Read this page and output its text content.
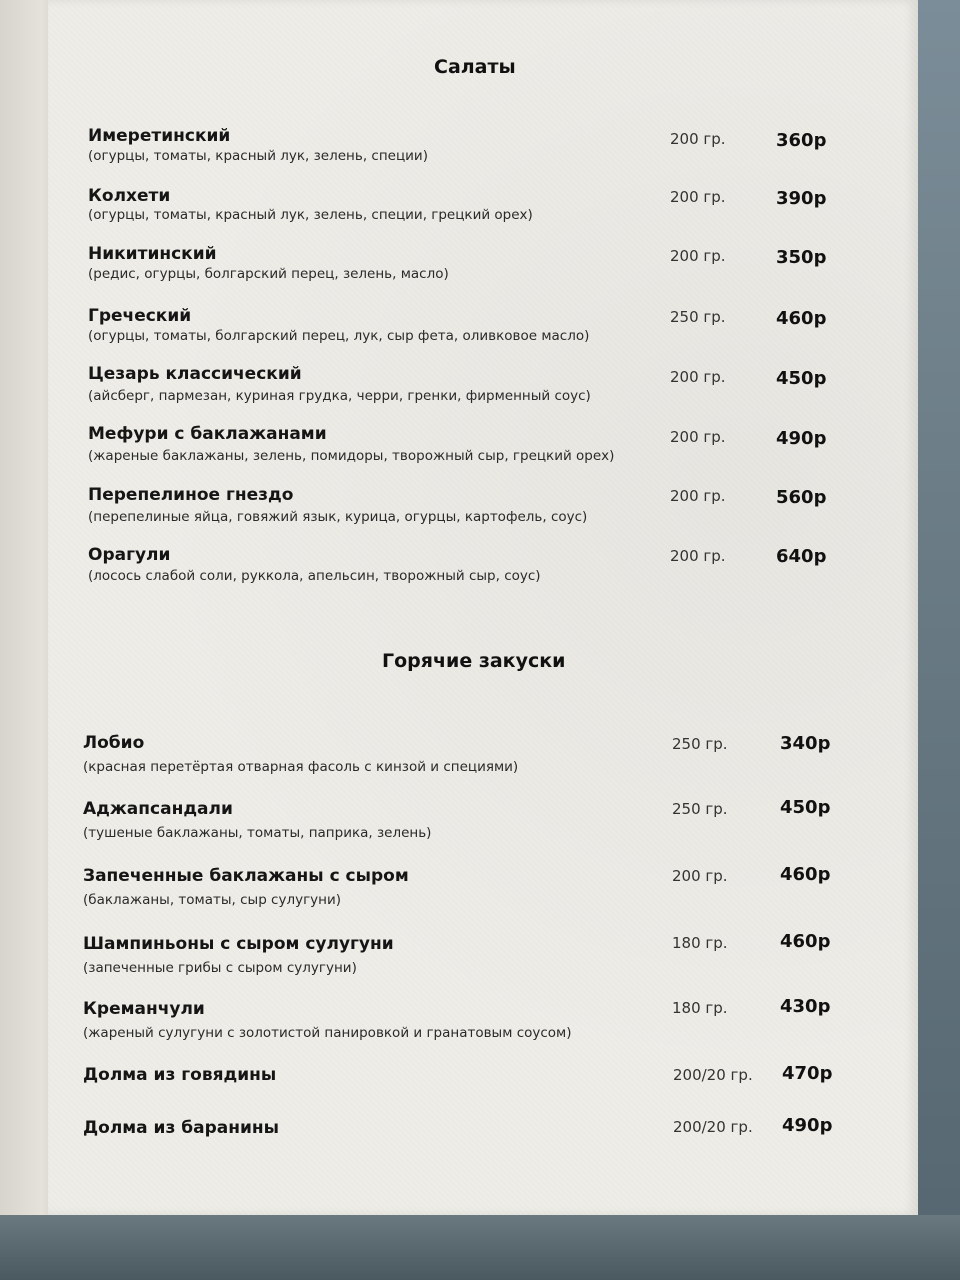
Салаты
Имеретинский
(огурцы, томаты, красный лук, зелень, специи)
200 гр.	360р
Колхети
(огурцы, томаты, красный лук, зелень, специи, грецкий орех)
200 гр.	390р
Никитинский
(редис, огурцы, болгарский перец, зелень, масло)
200 гр.	350р
Греческий
(огурцы, томаты, болгарский перец, лук, сыр фета, оливковое масло)
250 гр.	460р
Цезарь классический
(айсберг, пармезан, куриная грудка, черри, гренки, фирменный соус)
200 гр.	450р
Мефури с баклажанами
(жареные баклажаны, зелень, помидоры, творожный сыр, грецкий орех)
200 гр.	490р
Перепелиное гнездо
(перепелиные яйца, говяжий язык, курица, огурцы, картофель, соус)
200 гр.	560р
Орагули
(лосось слабой соли, руккола, апельсин, творожный сыр, соус)
200 гр.	640р
Горячие закуски
Лобио
(красная перетёртая отварная фасоль с кинзой и специями)
250 гр.	340р
Аджапсандали
(тушеные баклажаны, томаты, паприка, зелень)
250 гр.	450р
Запеченные баклажаны с сыром
(баклажаны, томаты, сыр сулугуни)
200 гр.	460р
Шампиньоны с сыром сулугуни
(запеченные грибы с сыром сулугуни)
180 гр.	460р
Креманчули
(жареный сулугуни с золотистой панировкой и гранатовым соусом)
180 гр.	430р
Долма из говядины	200/20 гр. 470р
Долма из баранины	200/20 гр. 490р
